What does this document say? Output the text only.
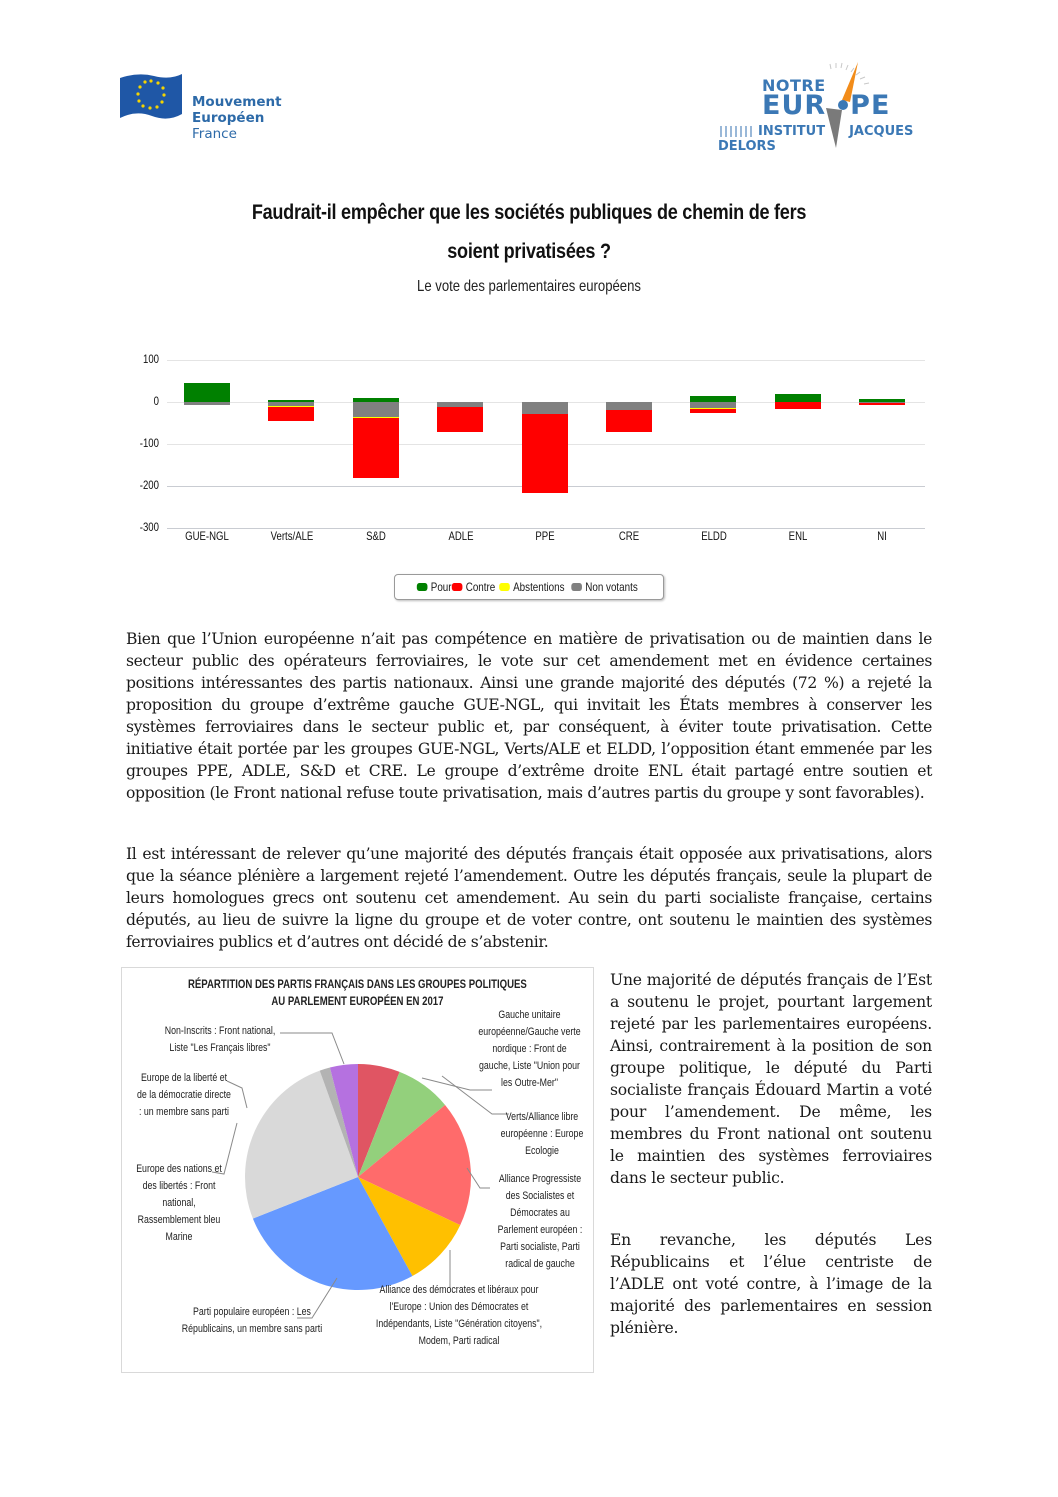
Mouvement
Européen
France
NOTRE
EUR PE
INSTITUT JACQUES DELORS
Faudrait-il empêcher que les sociétés publiques de chemin de fers
soient privatisées ?
Le vote des parlementaires européens
100
0
-100
-200
-300
GUE-NGL	Verts/ALE	S&D	ADLE	PPE	CRE	ELDD	ENL	NI
Pour Contre Abstentions Non votants

Bien que l’Union européenne n’ait pas compétence en matière de privatisation ou de maintien dans le secteur public des opérateurs ferroviaires, le vote sur cet amendement met en évidence certaines positions intéressantes des partis nationaux. Ainsi une grande majorité des députés (72 %) a rejeté la proposition du groupe d’extrême gauche GUE-NGL, qui invitait les États membres à conserver les systèmes ferroviaires dans le secteur public et, par conséquent, à éviter toute privatisation. Cette initiative était portée par les groupes GUE-NGL, Verts/ALE et ELDD, l’opposition étant emmenée par les groupes PPE, ADLE, S&D et CRE. Le groupe d’extrême droite ENL était partagé entre soutien et opposition (le Front national refuse toute privatisation, mais d’autres partis du groupe y sont favorables).

Il est intéressant de relever qu’une majorité des députés français était opposée aux privatisations, alors que la séance plénière a largement rejeté l’amendement. Outre les députés français, seule la plupart de leurs homologues grecs ont soutenu cet amendement. Au sein du parti socialiste française, certains députés, au lieu de suivre la ligne du groupe et de voter contre, ont soutenu le maintien des systèmes ferroviaires publics et d’autres ont décidé de s’abstenir.

RÉPARTITION DES PARTIS FRANÇAIS DANS LES GROUPES POLITIQUES
AU PARLEMENT EUROPÉEN EN 2017
Non-Inscrits : Front national, Liste "Les Français libres"
Europe de la liberté et de la démocratie directe : un membre sans parti
Europe des nations et des libertés : Front national, Rassemblement bleu Marine
Parti populaire européen : Les Républicains, un membre sans parti
Alliance des démocrates et libéraux pour l'Europe : Union des Démocrates et Indépendants, Liste "Génération citoyens", Modem, Parti radical
Alliance Progressiste des Socialistes et Démocrates au Parlement européen : Parti socialiste, Parti radical de gauche
Verts/Alliance libre européenne : Europe Ecologie
Gauche unitaire européenne/Gauche verte nordique : Front de gauche, Liste "Union pour les Outre-Mer"

Une majorité de députés français de l’Est a soutenu le projet, pourtant largement rejeté par les parlementaires européens. Ainsi, contrairement à la position de son groupe politique, le député du Parti socialiste français Édouard Martin a voté pour l’amendement. De même, les membres du Front national ont soutenu le maintien des systèmes ferroviaires dans le secteur public.

En revanche, les députés Les Républicains et l’élue centriste de l’ADLE ont voté contre, à l’image de la majorité des parlementaires en session plénière.
